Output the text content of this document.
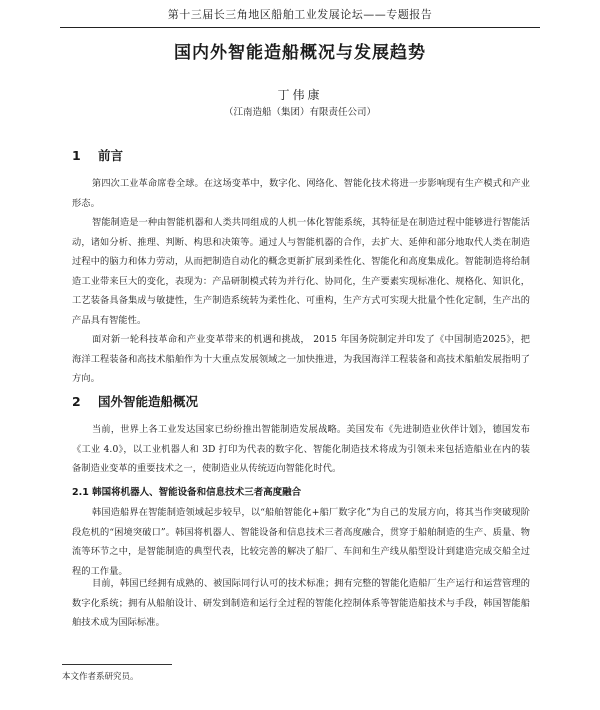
第十三届长三角地区船舶工业发展论坛——专题报告
国内外智能造船概况与发展趋势
丁伟康
（江南造船（集团）有限责任公司）
1 前言
第四次工业革命席卷全球。在这场变革中，数字化、网络化、智能化技术将进一步影响现有生产模式和产业形态。
智能制造是一种由智能机器和人类共同组成的人机一体化智能系统，其特征是在制造过程中能够进行智能活动，诸如分析、推理、判断、构思和决策等。通过人与智能机器的合作，去扩大、延伸和部分地取代人类在制造过程中的脑力和体力劳动，从而把制造自动化的概念更新扩展到柔性化、智能化和高度集成化。智能制造将给制造工业带来巨大的变化，表现为：产品研制模式转为并行化、协同化，生产要素实现标准化、规格化、知识化，工艺装备具备集成与敏捷性，生产制造系统转为柔性化、可重构，生产方式可实现大批量个性化定制，生产出的产品具有智能性。
面对新一轮科技革命和产业变革带来的机遇和挑战， 2015 年国务院制定并印发了《中国制造2025》，把海洋工程装备和高技术船舶作为十大重点发展领域之一加快推进，为我国海洋工程装备和高技术船舶发展指明了方向。
2 国外智能造船概况
当前，世界上各工业发达国家已纷纷推出智能制造发展战略。美国发布《先进制造业伙伴计划》，德国发布《工业 4.0》，以工业机器人和 3D 打印为代表的数字化、智能化制造技术将成为引领未来包括造船业在内的装备制造业变革的重要技术之一，使制造业从传统迈向智能化时代。
2.1 韩国将机器人、智能设备和信息技术三者高度融合
韩国造船界在智能制造领域起步较早，以“船舶智能化+船厂数字化”为自己的发展方向，将其当作突破现阶段危机的“困境突破口”。韩国将机器人、智能设备和信息技术三者高度融合，贯穿于船舶制造的生产、质量、物流等环节之中，是智能制造的典型代表，比较完善的解决了船厂、车间和生产线从船型设计到建造完成交船全过程的工作量。
目前，韩国已经拥有成熟的、被国际同行认可的技术标准；拥有完整的智能化造船厂生产运行和运营管理的数字化系统；拥有从船舶设计、研发到制造和运行全过程的智能化控制体系等智能造船技术与手段，韩国智能船舶技术成为国际标准。
本文作者系研究员。
